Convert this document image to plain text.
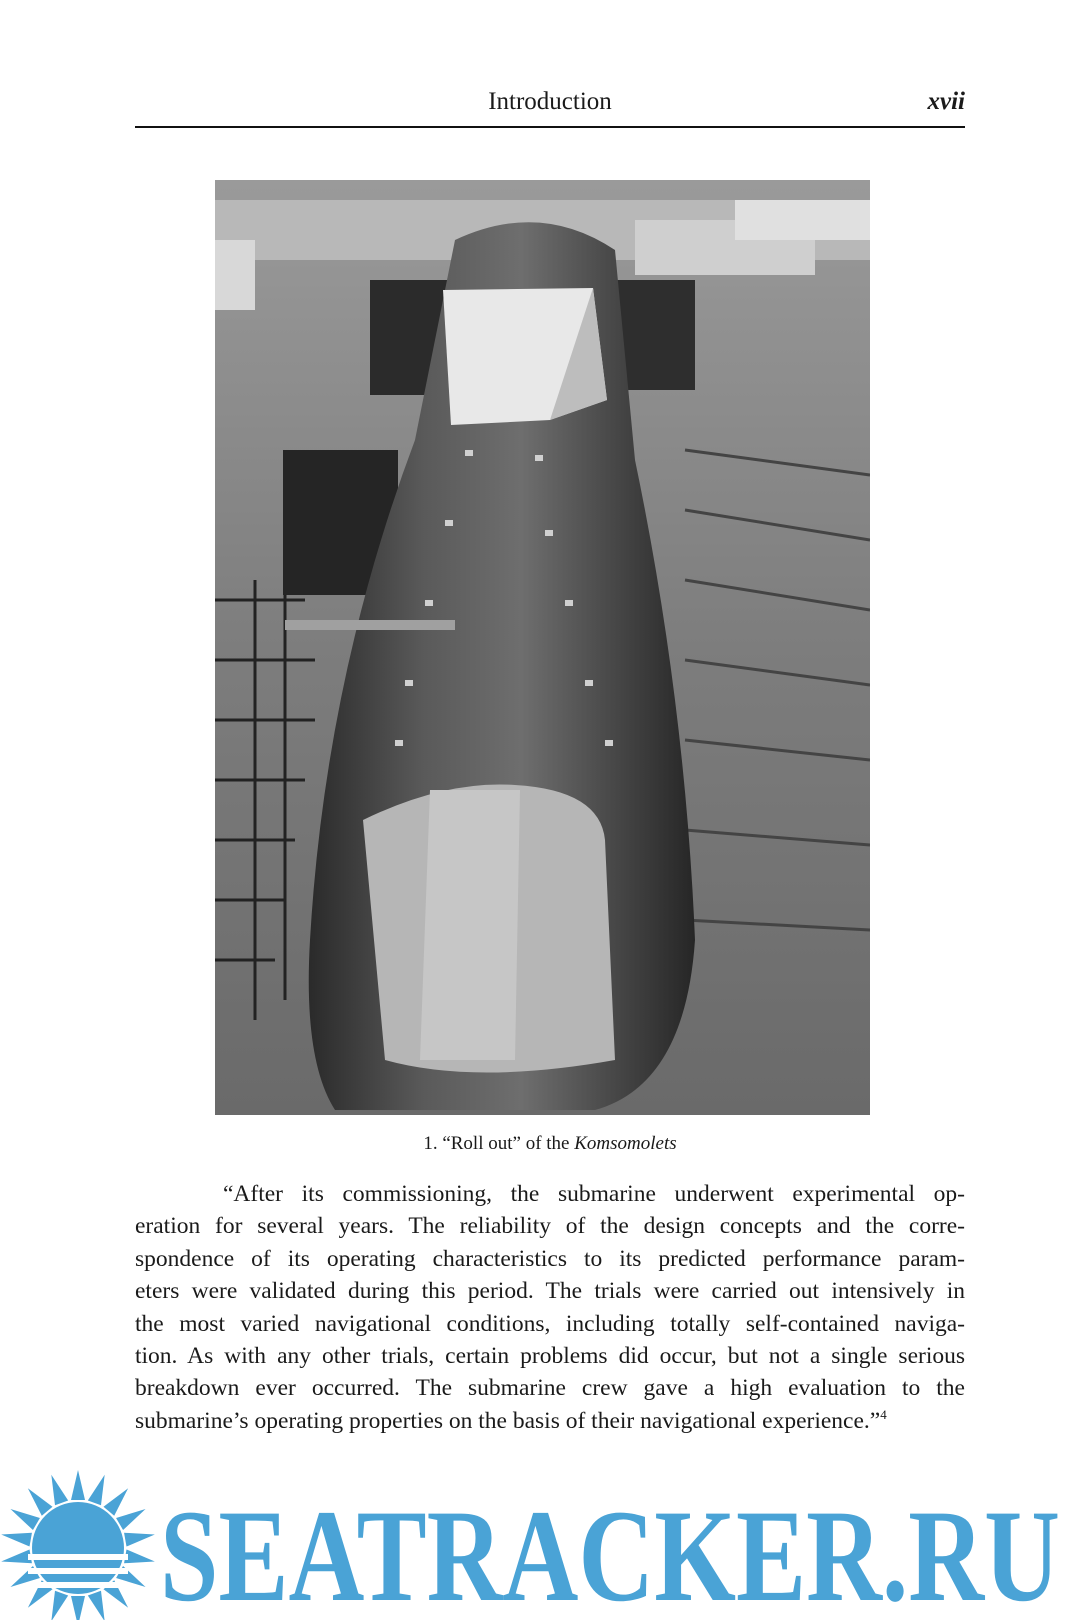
Introduction	xvii
1. “Roll out” of the Komsomolets
“After its commissioning, the submarine underwent experimental op-
eration for several years. The reliability of the design concepts and the corre-
spondence of its operating characteristics to its predicted performance param-
eters were validated during this period. The trials were carried out intensively in
the most varied navigational conditions, including totally self-contained naviga-
tion. As with any other trials, certain problems did occur, but not a single serious
breakdown ever occurred. The submarine crew gave a high evaluation to the
submarine’s operating properties on the basis of their navigational experience.”$^4$
SEATRACKER.RU
